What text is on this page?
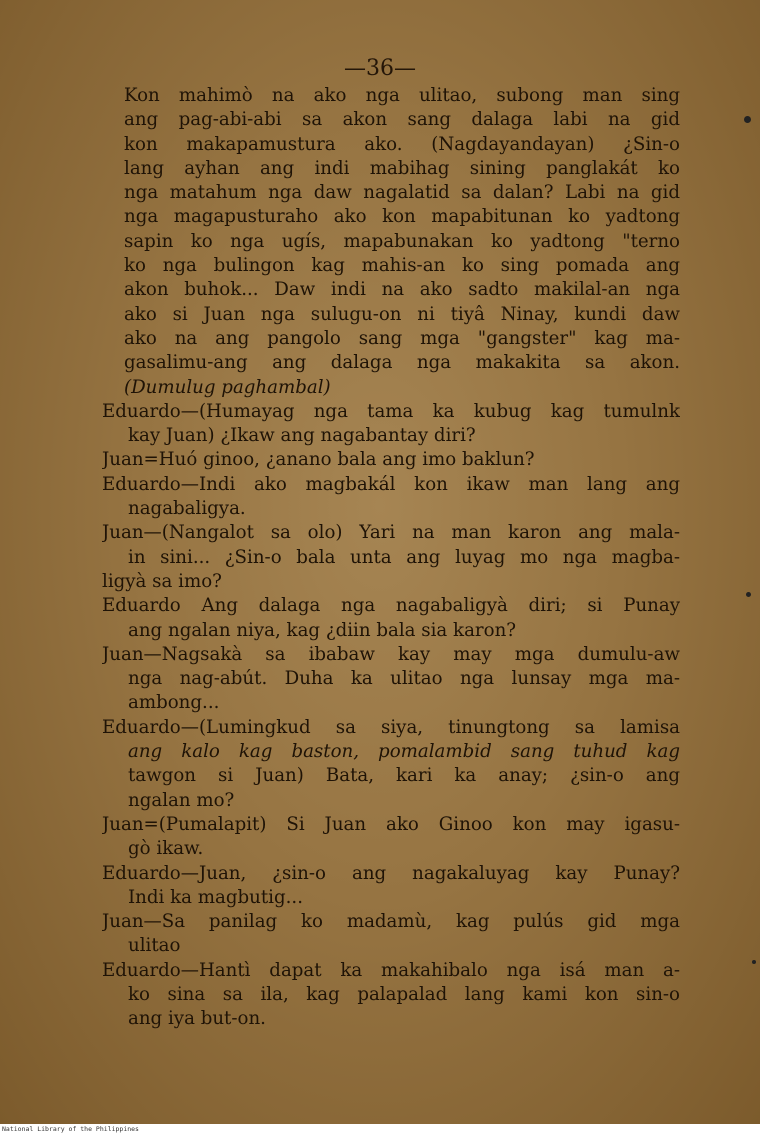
—36—
Kon mahimò na ako nga ulitao, subong man sing
ang pag-abi-abi sa akon sang dalaga labi na gid
kon makapamustura ako. (Nagdayandayan) ¿Sin-o
lang ayhan ang indi mabihag sining panglakát ko
nga matahum nga daw nagalatid sa dalan? Labi na gid
nga magapusturaho ako kon mapabitunan ko yadtong
sapin ko nga ugís, mapabunakan ko yadtong "terno
ko nga bulingon kag mahis-an ko sing pomada ang
akon buhok... Daw indi na ako sadto makilal-an nga
ako si Juan nga sulugu-on ni tiyâ Ninay, kundi daw
ako na ang pangolo sang mga "gangster" kag ma-
gasalimu-ang ang dalaga nga makakita sa akon.
(Dumulug paghambal)
Eduardo—(Humayag nga tama ka kubug kag tumulnk
kay Juan) ¿Ikaw ang nagabantay diri?
Juan=Huó ginoo, ¿anano bala ang imo baklun?
Eduardo—Indi ako magbakál kon ikaw man lang ang
nagabaligya.
Juan—(Nangalot sa olo) Yari na man karon ang mala-
in sini... ¿Sin-o bala unta ang luyag mo nga magba-
ligyà sa imo?
Eduardo Ang dalaga nga nagabaligyà diri; si Punay
ang ngalan niya, kag ¿diin bala sia karon?
Juan—Nagsakà sa ibabaw kay may mga dumulu-aw
nga nag-abút. Duha ka ulitao nga lunsay mga ma-
ambong...
Eduardo—(Lumingkud sa siya, tinungtong sa lamisa
ang kalo kag baston, pomalambid sang tuhud kag
tawgon si Juan) Bata, kari ka anay; ¿sin-o ang
ngalan mo?
Juan=(Pumalapit) Si Juan ako Ginoo kon may igasu-
gò ikaw.
Eduardo—Juan, ¿sin-o ang nagakaluyag kay Punay?
Indi ka magbutig...
Juan—Sa panilag ko madamù, kag pulús gid mga
ulitao
Eduardo—Hantì dapat ka makahibalo nga isá man a-
ko sina sa ila, kag palapalad lang kami kon sin-o
ang iya but-on.
National Library of the Philippines
